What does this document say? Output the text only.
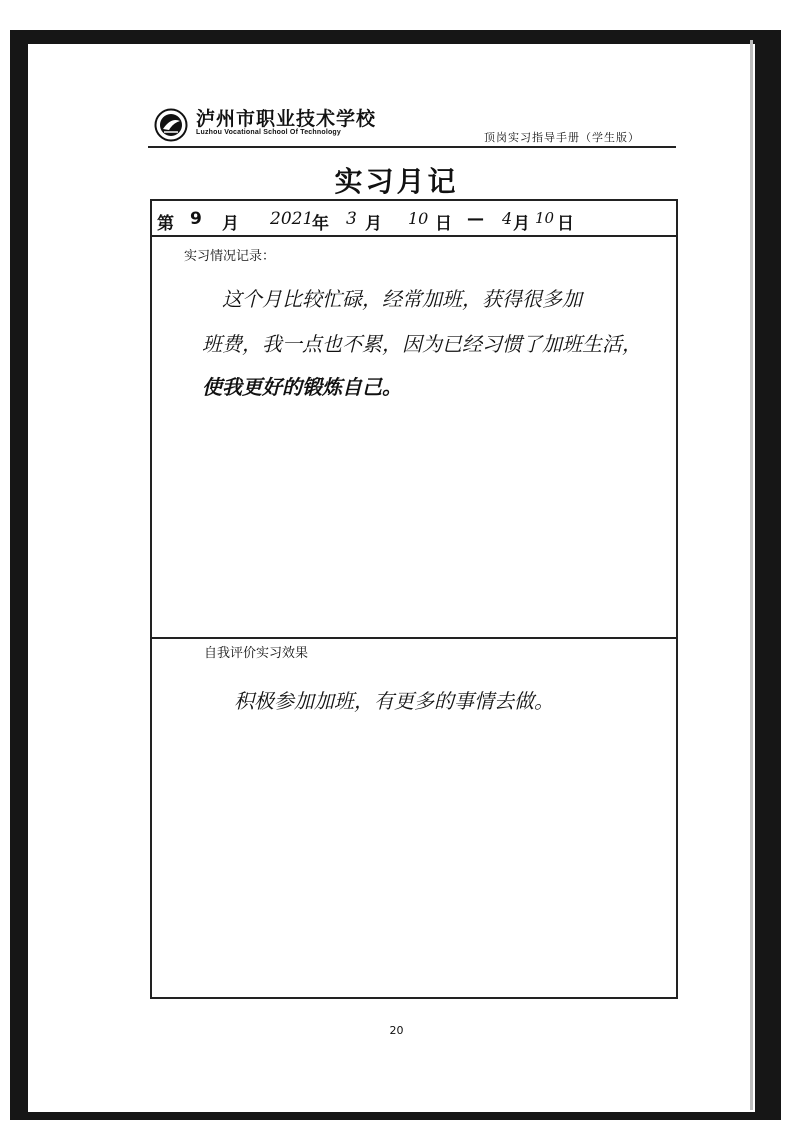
泸州市职业技术学校
Luzhou Vocational School Of Technology	顶岗实习指导手册（学生版）
实习月记
第 9 月 2021
年 3 月 10 日 — 4 月 10 日
实习情况记录：
这个月比较忙碌，经常加班，获得很多加
班费，我一点也不累，因为已经习惯了加班生活，
使我更好的锻炼自己。
自我评价实习效果
积极参加加班，有更多的事情去做。
20
